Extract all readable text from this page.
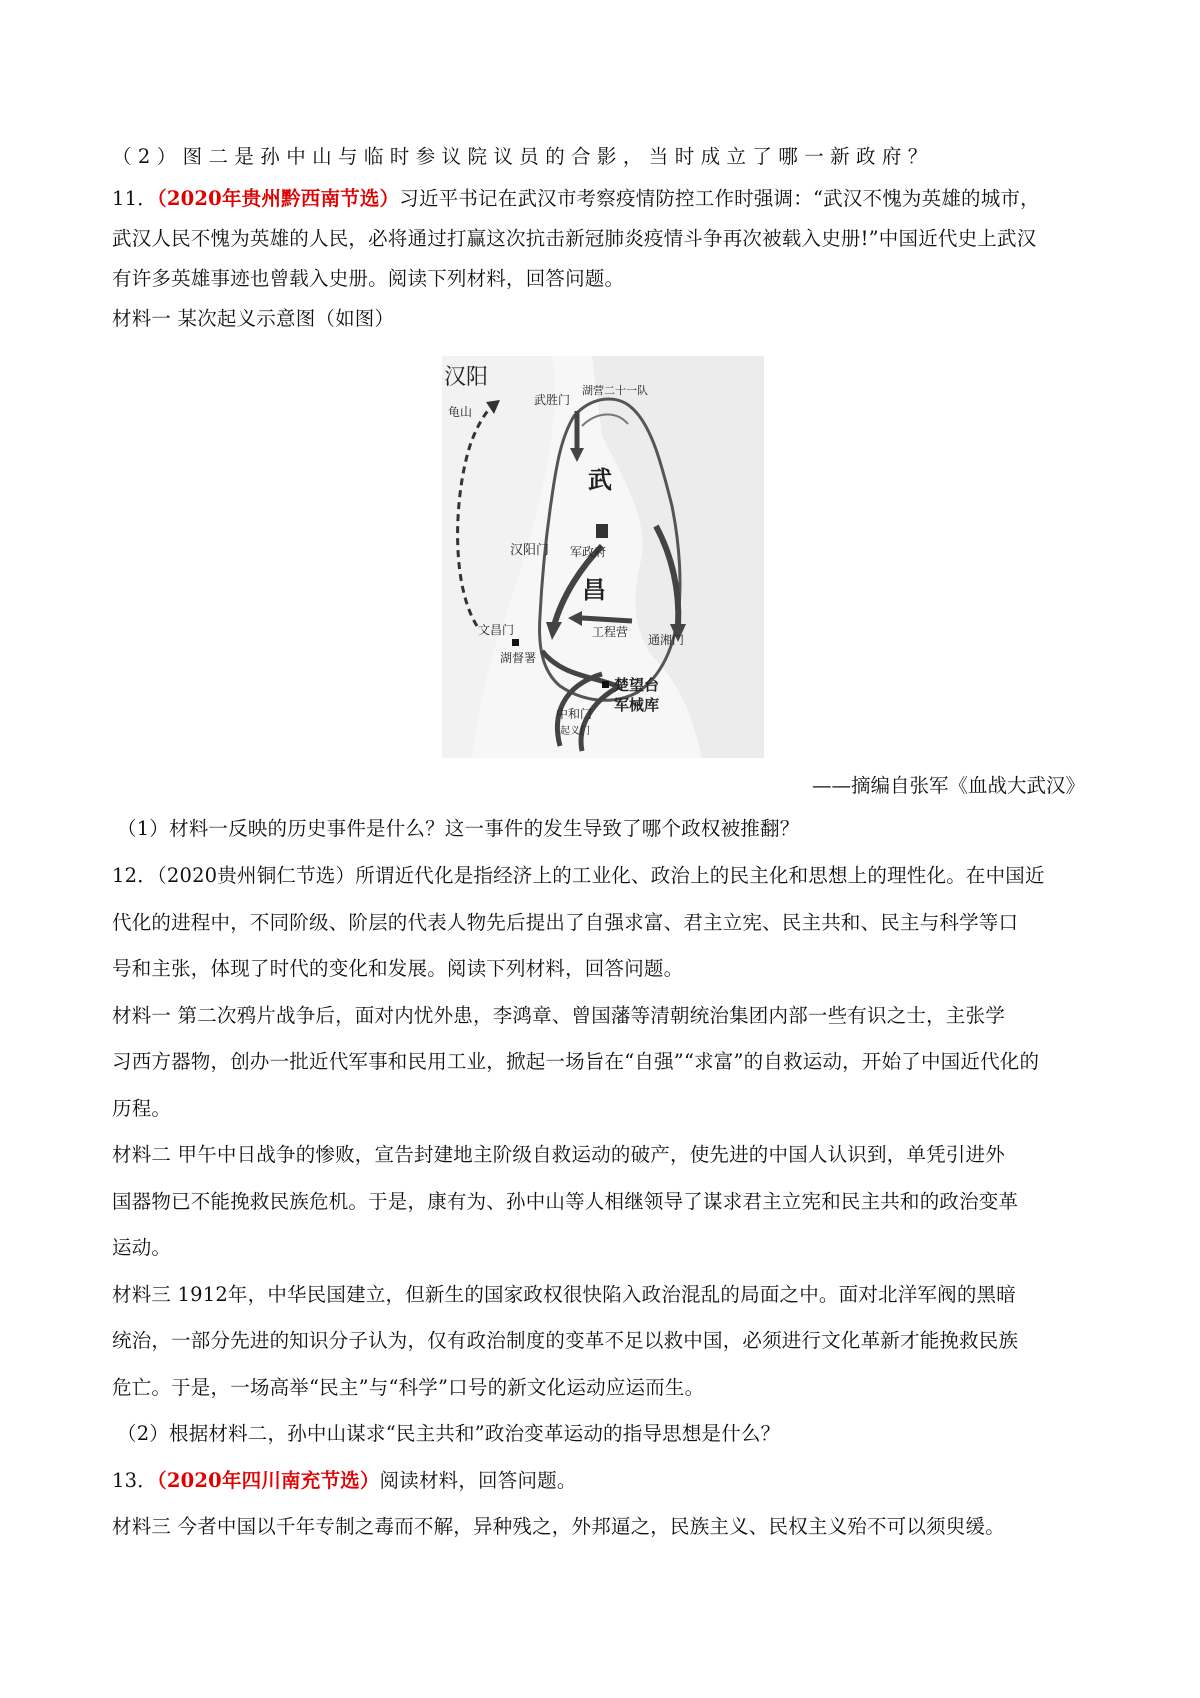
（2）图二是孙中山与临时参议院议员的合影，当时成立了哪一新政府？
11．（2020年贵州黔西南节选）习近平书记在武汉市考察疫情防控工作时强调：“武汉不愧为英雄的城市，
武汉人民不愧为英雄的人民，必将通过打赢这次抗击新冠肺炎疫情斗争再次被载入史册!”中国近代史上武汉
有许多英雄事迹也曾载入史册。阅读下列材料，回答问题。
材料一 某次起义示意图（如图）
汉阳
龟山
武胜门
湖营二十一队
武
汉阳门 军政府
昌
文昌门	工程营
通湘门
湖督署
楚望台
军械库
中和门
起义门
——摘编自张军《血战大武汉》
（1）材料一反映的历史事件是什么？这一事件的发生导致了哪个政权被推翻？
12．（2020贵州铜仁节选）所谓近代化是指经济上的工业化、政治上的民主化和思想上的理性化。在中国近
代化的进程中，不同阶级、阶层的代表人物先后提出了自强求富、君主立宪、民主共和、民主与科学等口
号和主张，体现了时代的变化和发展。阅读下列材料，回答问题。
材料一 第二次鸦片战争后，面对内忧外患，李鸿章、曾国藩等清朝统治集团内部一些有识之士，主张学
习西方器物，创办一批近代军事和民用工业，掀起一场旨在“自强”“求富”的自救运动，开始了中国近代化的
历程。
材料二 甲午中日战争的惨败，宣告封建地主阶级自救运动的破产，使先进的中国人认识到，单凭引进外
国器物已不能挽救民族危机。于是，康有为、孙中山等人相继领导了谋求君主立宪和民主共和的政治变革
运动。
材料三 1912年，中华民国建立，但新生的国家政权很快陷入政治混乱的局面之中。面对北洋军阀的黑暗
统治，一部分先进的知识分子认为，仅有政治制度的变革不足以救中国，必须进行文化革新才能挽救民族
危亡。于是，一场高举“民主”与“科学”口号的新文化运动应运而生。
（2）根据材料二，孙中山谋求“民主共和”政治变革运动的指导思想是什么？
13．（2020年四川南充节选）阅读材料，回答问题。
材料三 今者中国以千年专制之毒而不解，异种残之，外邦逼之，民族主义、民权主义殆不可以须臾缓。
